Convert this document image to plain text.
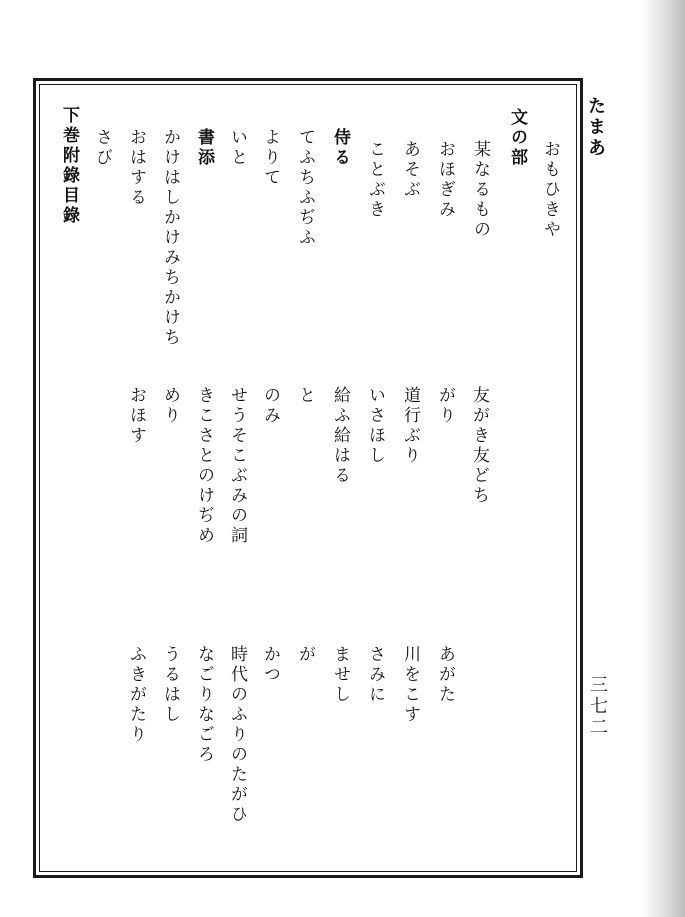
たまあ

三七二

おもひきや

友がき友どち

文の部

某なるもの

がり

あがた

おほぎみ

道行ぶり

川をこす

あそぶ

いさほし

さみに

ことぶき

給ふ給はる

ませし

侍る

てふちふぢふ

と

が

よりて

のみ

かつ

いと

せうそこぶみの詞

時代のふりのたがひ

書添

きこさとのけぢめ

なごりなごろ

かけはしかけみちかけち

めり

うるはし

おはする

おほす

ふきがたり

さび

下巻附錄目錄
